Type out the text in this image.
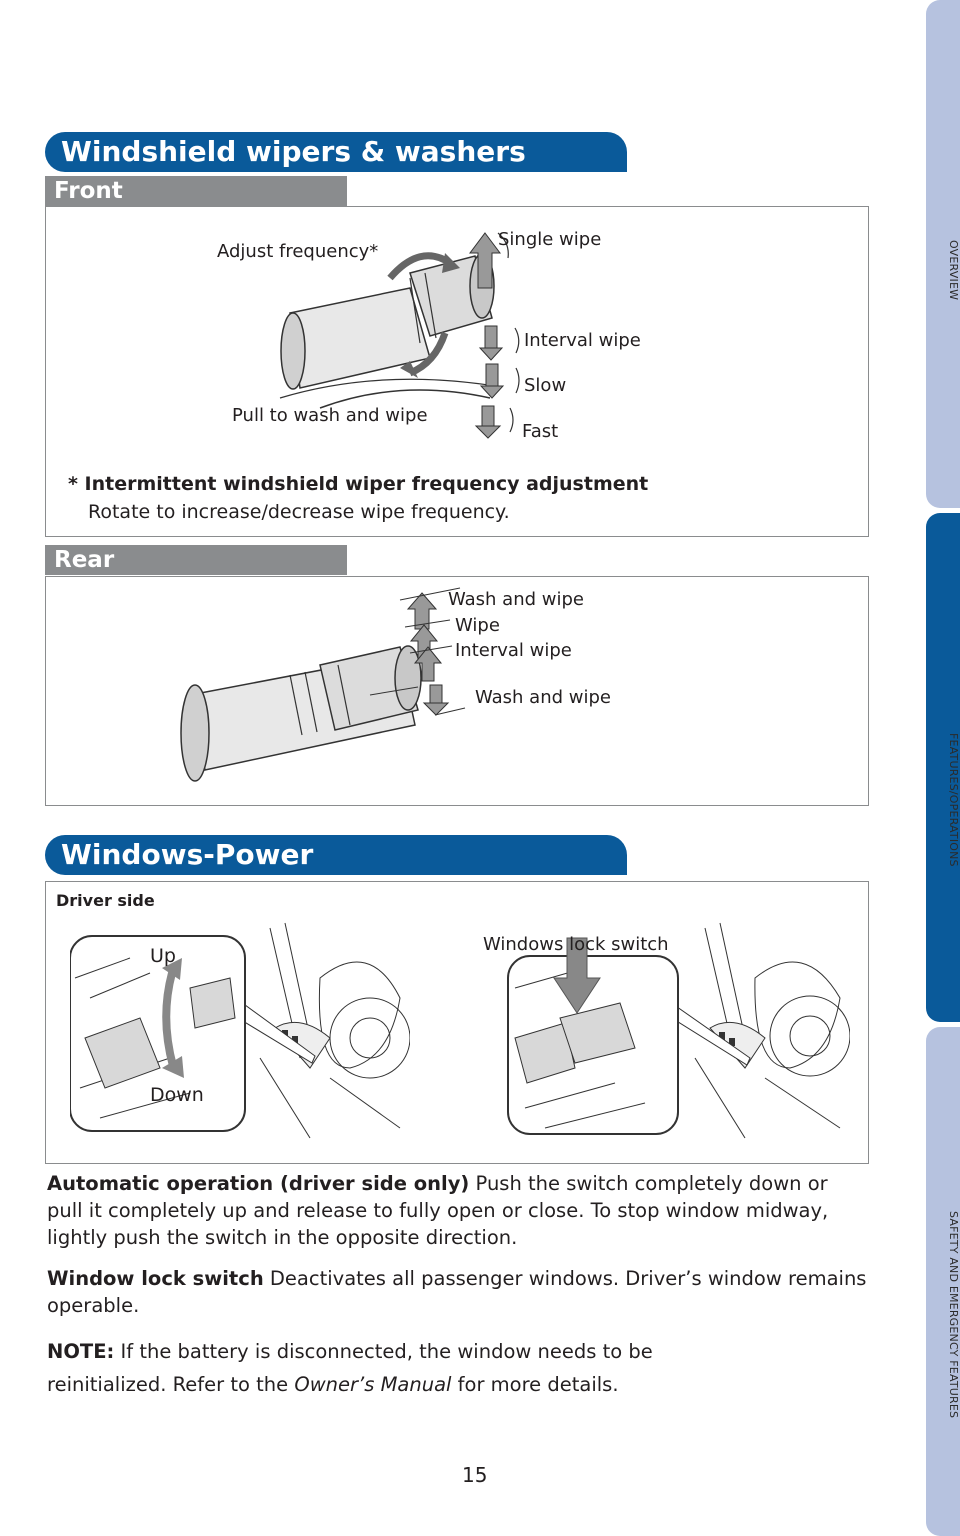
OVERVIEW
FEATURES/OPERATIONS
SAFETY AND EMERGENCY FEATURES
Windshield wipers & washers
Front
Adjust frequency*
Single wipe
Interval wipe
Slow
Pull to wash and wipe
Fast
* Intermittent windshield wiper frequency adjustment
Rotate to increase/decrease wipe frequency.
Rear
Wash and wipe
Wipe
Interval wipe
Wash and wipe
Windows-Power
Driver side
Up
Down
Windows lock switch
Automatic operation (driver side only) Push the switch completely down or pull it completely up and release to fully open or close. To stop window midway, lightly push the switch in the opposite direction.
Window lock switch Deactivates all passenger windows. Driver’s window remains operable.
NOTE: If the battery is disconnected, the window needs to be reinitialized. Refer to the Owner’s Manual for more details.
15
